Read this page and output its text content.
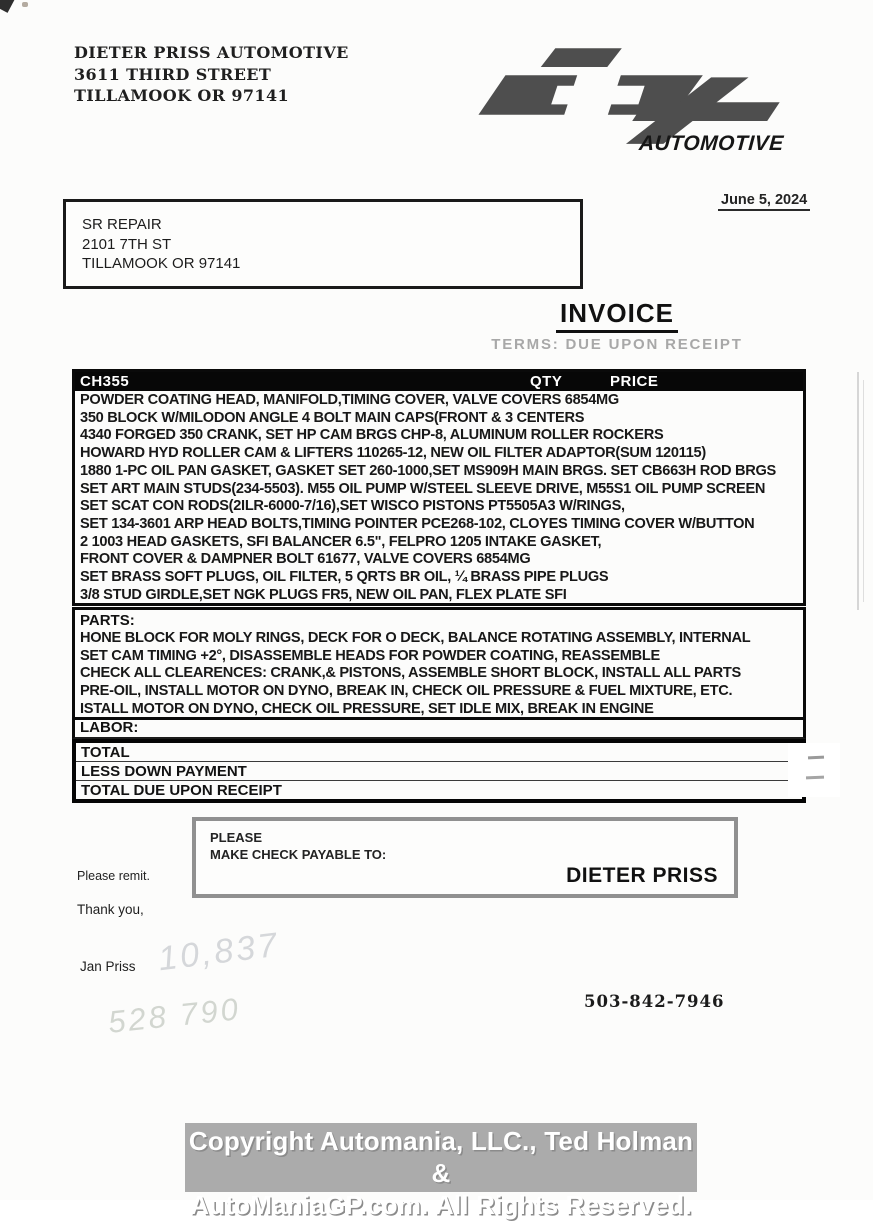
DIETER PRISS AUTOMOTIVE
3611 THIRD STREET
TILLAMOOK OR 97141
AUTOMOTIVE
June 5, 2024
SR REPAIR
2101 7TH ST
TILLAMOOK OR 97141
INVOICE
TERMS: DUE UPON RECEIPT
CH355	QTY	PRICE
POWDER COATING HEAD, MANIFOLD,TIMING COVER, VALVE COVERS 6854MG
350 BLOCK W/MILODON ANGLE 4 BOLT MAIN CAPS(FRONT & 3 CENTERS
4340 FORGED 350 CRANK, SET HP CAM BRGS CHP-8, ALUMINUM ROLLER ROCKERS
HOWARD HYD ROLLER CAM & LIFTERS 110265-12, NEW OIL FILTER ADAPTOR(SUM 120115)
1880 1-PC OIL PAN GASKET, GASKET SET 260-1000,SET MS909H MAIN BRGS. SET CB663H ROD BRGS
SET ART MAIN STUDS(234-5503). M55 OIL PUMP W/STEEL SLEEVE DRIVE, M55S1 OIL PUMP SCREEN
SET SCAT CON RODS(2ILR-6000-7/16),SET WISCO PISTONS PT5505A3 W/RINGS,
SET 134-3601 ARP HEAD BOLTS,TIMING POINTER PCE268-102, CLOYES TIMING COVER W/BUTTON
2 1003 HEAD GASKETS, SFI BALANCER 6.5", FELPRO 1205 INTAKE GASKET,
FRONT COVER & DAMPNER BOLT 61677, VALVE COVERS 6854MG
SET BRASS SOFT PLUGS, OIL FILTER, 5 QRTS BR OIL, ¼ BRASS PIPE PLUGS
3/8 STUD GIRDLE,SET NGK PLUGS FR5, NEW OIL PAN, FLEX PLATE SFI
PARTS:
HONE BLOCK FOR MOLY RINGS, DECK FOR O DECK, BALANCE ROTATING ASSEMBLY, INTERNAL
SET CAM TIMING +2°, DISASSEMBLE HEADS FOR POWDER COATING, REASSEMBLE
CHECK ALL CLEARENCES: CRANK,& PISTONS, ASSEMBLE SHORT BLOCK, INSTALL ALL PARTS
PRE-OIL, INSTALL MOTOR ON DYNO, BREAK IN, CHECK OIL PRESSURE & FUEL MIXTURE, ETC.
ISTALL MOTOR ON DYNO, CHECK OIL PRESSURE, SET IDLE MIX, BREAK IN ENGINE
LABOR:
TOTAL
LESS DOWN PAYMENT
TOTAL DUE UPON RECEIPT
PLEASE
MAKE CHECK PAYABLE TO:
DIETER PRISS
Please remit.
Thank you,
Jan Priss
503-842-7946
10,837
528 790
Copyright Automania, LLC., Ted Holman &
AutoManiaGP.com. All Rights Reserved.
